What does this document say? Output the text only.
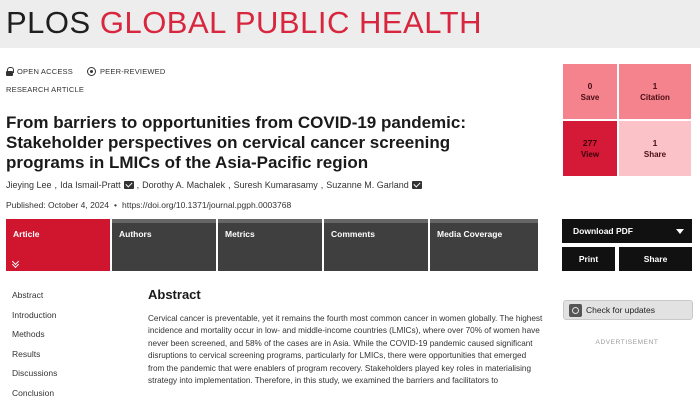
PLOS GLOBAL PUBLIC HEALTH
OPEN ACCESS	PEER-REVIEWED
RESEARCH ARTICLE
From barriers to opportunities from COVID-19 pandemic: Stakeholder perspectives on cervical cancer screening programs in LMICs of the Asia-Pacific region
Jieying Lee , Ida Ismail-Pratt , Dorothy A. Machalek , Suresh Kumarasamy , Suzanne M. Garland
Published: October 4, 2024 • https://doi.org/10.1371/journal.pgph.0003768
Article	Authors	Metrics	Comments	Media Coverage
Abstract
Introduction
Methods
Results
Discussions
Conclusion
Abstract

Cervical cancer is preventable, yet it remains the fourth most common cancer in women globally. The highest incidence and mortality occur in low- and middle-income countries (LMICs), where over 70% of women have never been screened, and 58% of the cases are in Asia. While the COVID-19 pandemic caused significant disruptions to cervical screening programs, particularly for LMICs, there were opportunities that emerged from the pandemic that were enablers of program recovery. Stakeholders played key roles in materialising strategy into implementation. Therefore, in this study, we examined the barriers and facilitators to

0
Save
1
Citation
277
View
1
Share
Download PDF
Print	Share
Check for updates
ADVERTISEMENT
